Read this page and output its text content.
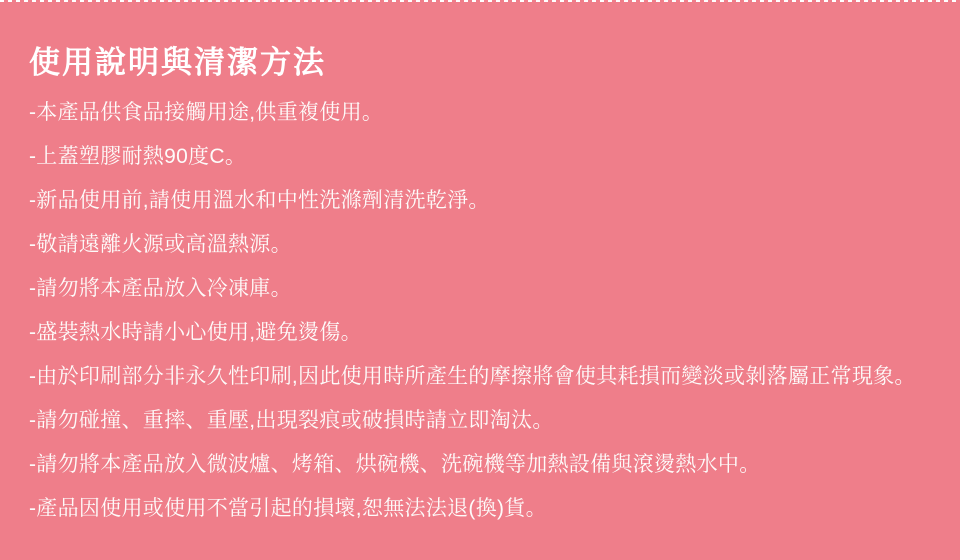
使用說明與清潔方法
-本產品供食品接觸用途,供重複使用。
-上蓋塑膠耐熱90度C。
-新品使用前,請使用溫水和中性洗滌劑清洗乾淨。
-敬請遠離火源或高溫熱源。
-請勿將本產品放入冷凍庫。
-盛裝熱水時請小心使用,避免燙傷。
-由於印刷部分非永久性印刷,因此使用時所產生的摩擦將會使其耗損而變淡或剝落屬正常現象。
-請勿碰撞、重摔、重壓,出現裂痕或破損時請立即淘汰。
-請勿將本產品放入微波爐、烤箱、烘碗機、洗碗機等加熱設備與滾燙熱水中。
-產品因使用或使用不當引起的損壞,恕無法法退(換)貨。
